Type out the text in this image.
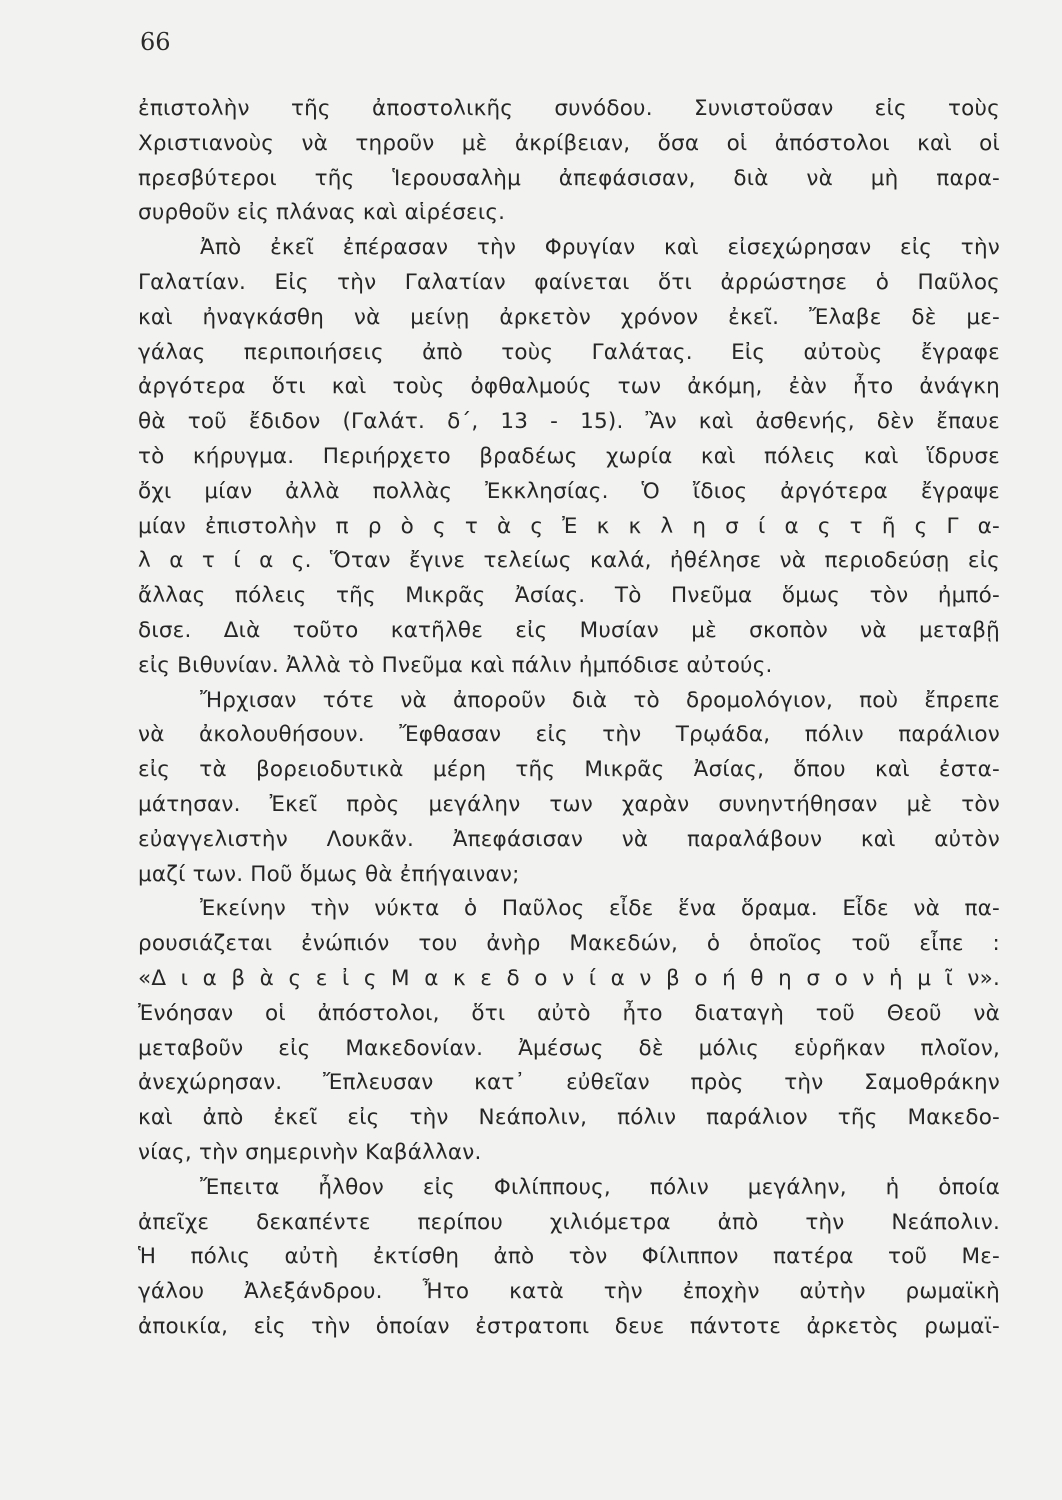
66
ἐπιστολὴν τῆς ἀποστολικῆς συνόδου. Συνιστοῦσαν εἰς τοὺς
Χριστιανοὺς νὰ τηροῦν μὲ ἀκρίβειαν, ὅσα οἱ ἀπόστολοι καὶ οἱ
πρεσβύτεροι τῆς Ἱερουσαλὴμ ἀπεφάσισαν, διὰ νὰ μὴ παρα-
συρθοῦν εἰς πλάνας καὶ αἱρέσεις.
Ἀπὸ ἐκεῖ ἐπέρασαν τὴν Φρυγίαν καὶ εἰσεχώρησαν εἰς τὴν
Γαλατίαν. Εἰς τὴν Γαλατίαν φαίνεται ὅτι ἀρρώστησε ὁ Παῦλος
καὶ ἠναγκάσθη νὰ μείνῃ ἀρκετὸν χρόνον ἐκεῖ. Ἔλαβε δὲ με-
γάλας περιποιήσεις ἀπὸ τοὺς Γαλάτας. Εἰς αὐτοὺς ἔγραφε
ἀργότερα ὅτι καὶ τοὺς ὀφθαλμούς των ἀκόμη, ἐὰν ἦτο ἀνάγκη
θὰ τοῦ ἔδιδον (Γαλάτ. δ΄, 13 - 15). Ἂν καὶ ἀσθενής, δὲν ἔπαυε
τὸ κήρυγμα. Περιήρχετο βραδέως χωρία καὶ πόλεις καὶ ἵδρυσε
ὄχι μίαν ἀλλὰ πολλὰς Ἐκκλησίας. Ὁ ἴδιος ἀργότερα ἔγραψε
μίαν ἐπιστολὴν π ρ ὸ ς τ ὰ ς Ἐ κ κ λ η σ ί α ς τ ῆ ς Γ α-
λ α τ ί α ς. Ὅταν ἔγινε τελείως καλά, ἠθέλησε νὰ περιοδεύσῃ εἰς
ἄλλας πόλεις τῆς Μικρᾶς Ἀσίας. Τὸ Πνεῦμα ὅμως τὸν ἠμπό-
δισε. Διὰ τοῦτο κατῆλθε εἰς Μυσίαν μὲ σκοπὸν νὰ μεταβῇ
εἰς Βιθυνίαν. Ἀλλὰ τὸ Πνεῦμα καὶ πάλιν ἠμπόδισε αὐτούς.
Ἤρχισαν τότε νὰ ἀποροῦν διὰ τὸ δρομολόγιον, ποὺ ἔπρεπε
νὰ ἀκολουθήσουν. Ἔφθασαν εἰς τὴν Τρῳάδα, πόλιν παράλιον
εἰς τὰ βορειοδυτικὰ μέρη τῆς Μικρᾶς Ἀσίας, ὅπου καὶ ἐστα-
μάτησαν. Ἐκεῖ πρὸς μεγάλην των χαρὰν συνηντήθησαν μὲ τὸν
εὐαγγελιστὴν Λουκᾶν. Ἀπεφάσισαν νὰ παραλάβουν καὶ αὐτὸν
μαζί των. Ποῦ ὅμως θὰ ἐπήγαιναν;
Ἐκείνην τὴν νύκτα ὁ Παῦλος εἶδε ἕνα ὅραμα. Εἶδε νὰ πα-
ρουσιάζεται ἐνώπιόν του ἀνὴρ Μακεδών, ὁ ὁποῖος τοῦ εἶπε :
«Δ ι α β ὰ ς ε ἰ ς Μ α κ ε δ ο ν ί α ν β ο ή θ η σ ο ν ἡ μ ῖ ν».
Ἐνόησαν οἱ ἀπόστολοι, ὅτι αὐτὸ ἦτο διαταγὴ τοῦ Θεοῦ νὰ
μεταβοῦν εἰς Μακεδονίαν. Ἀμέσως δὲ μόλις εὑρῆκαν πλοῖον,
ἀνεχώρησαν. Ἔπλευσαν κατ᾽ εὐθεῖαν πρὸς τὴν Σαμοθράκην
καὶ ἀπὸ ἐκεῖ εἰς τὴν Νεάπολιν, πόλιν παράλιον τῆς Μακεδο-
νίας, τὴν σημερινὴν Καβάλλαν.
Ἔπειτα ἦλθον εἰς Φιλίππους, πόλιν μεγάλην, ἡ ὁποία
ἀπεῖχε δεκαπέντε περίπου χιλιόμετρα ἀπὸ τὴν Νεάπολιν.
Ἡ πόλις αὐτὴ ἐκτίσθη ἀπὸ τὸν Φίλιππον πατέρα τοῦ Με-
γάλου Ἀλεξάνδρου. Ἦτο κατὰ τὴν ἐποχὴν αὐτὴν ρωμαϊκὴ
ἀποικία, εἰς τὴν ὁποίαν ἐστρατοπι δευε πάντοτε ἀρκετὸς ρωμαϊ-
